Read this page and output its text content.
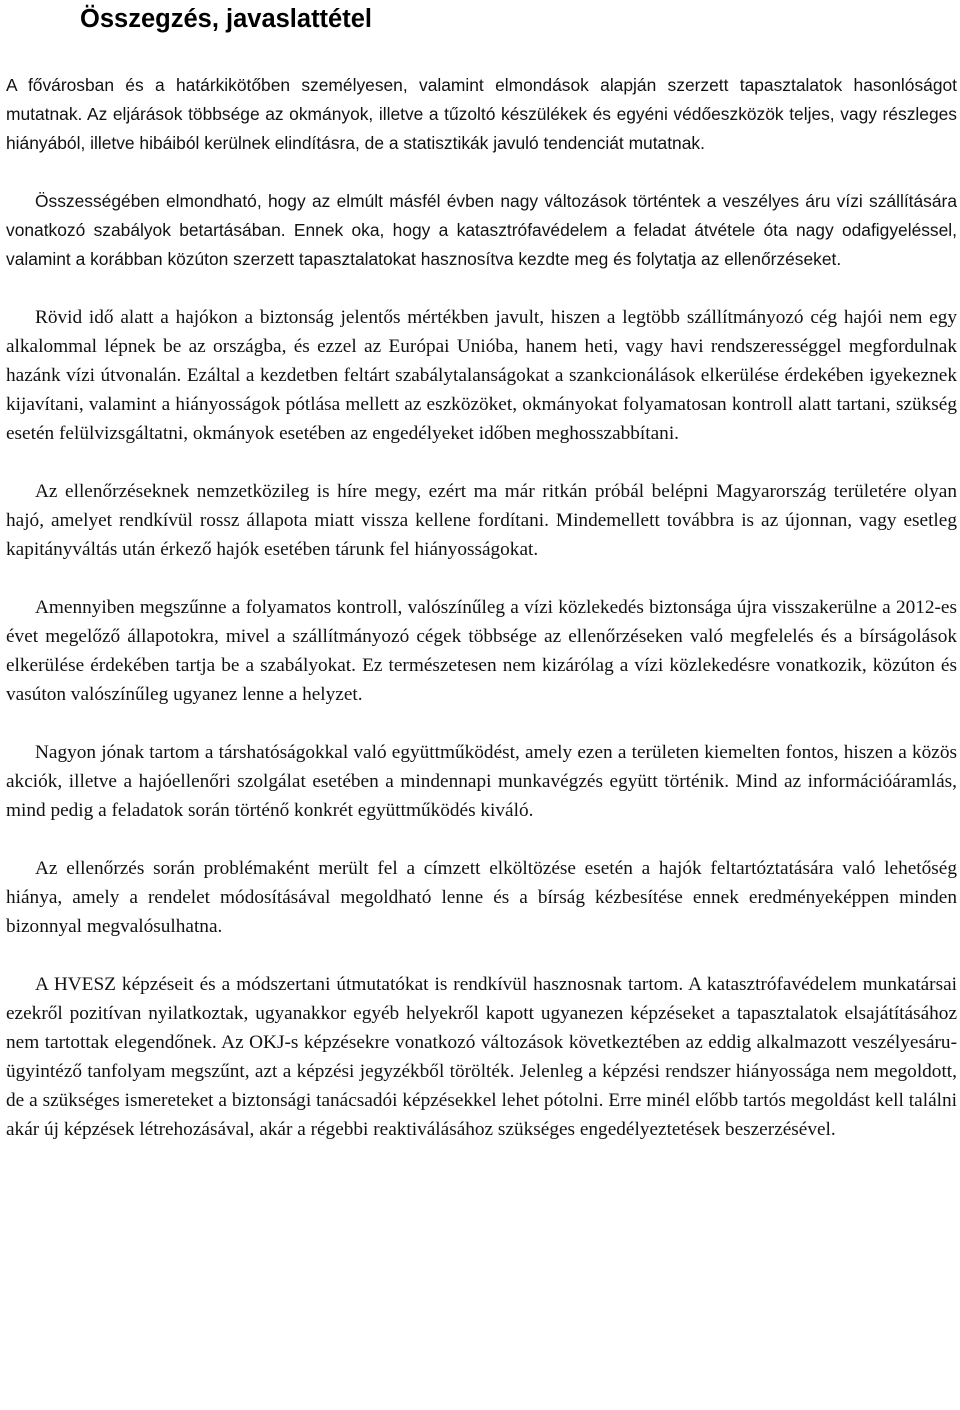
Összegzés, javaslattétel

A fővárosban és a határkikötőben személyesen, valamint elmondások alapján szerzett tapasztalatok hasonlóságot mutatnak. Az eljárások többsége az okmányok, illetve a tűzoltó készülékek és egyéni védőeszközök teljes, vagy részleges hiányából, illetve hibáiból kerülnek elindításra, de a statisztikák javuló tendenciát mutatnak.

Összességében elmondható, hogy az elmúlt másfél évben nagy változások történtek a veszélyes áru vízi szállítására vonatkozó szabályok betartásában. Ennek oka, hogy a katasztrófavédelem a feladat átvétele óta nagy odafigyeléssel, valamint a korábban közúton szerzett tapasztalatokat hasznosítva kezdte meg és folytatja az ellenőrzéseket.

Rövid idő alatt a hajókon a biztonság jelentős mértékben javult, hiszen a legtöbb szállítmányozó cég hajói nem egy alkalommal lépnek be az országba, és ezzel az Európai Unióba, hanem heti, vagy havi rendszerességgel megfordulnak hazánk vízi útvonalán. Ezáltal a kezdetben feltárt szabálytalanságokat a szankcionálások elkerülése érdekében igyekeznek kijavítani, valamint a hiányosságok pótlása mellett az eszközöket, okmányokat folyamatosan kontroll alatt tartani, szükség esetén felülvizsgáltatni, okmányok esetében az engedélyeket időben meghosszabbítani.

Az ellenőrzéseknek nemzetközileg is híre megy, ezért ma már ritkán próbál belépni Magyarország területére olyan hajó, amelyet rendkívül rossz állapota miatt vissza kellene fordítani. Mindemellett továbbra is az újonnan, vagy esetleg kapitányváltás után érkező hajók esetében tárunk fel hiányosságokat.

Amennyiben megszűnne a folyamatos kontroll, valószínűleg a vízi közlekedés biztonsága újra visszakerülne a 2012-es évet megelőző állapotokra, mivel a szállítmányozó cégek többsége az ellenőrzéseken való megfelelés és a bírságolások elkerülése érdekében tartja be a szabályokat. Ez természetesen nem kizárólag a vízi közlekedésre vonatkozik, közúton és vasúton valószínűleg ugyanez lenne a helyzet.

Nagyon jónak tartom a társhatóságokkal való együttműködést, amely ezen a területen kiemelten fontos, hiszen a közös akciók, illetve a hajóellenőri szolgálat esetében a mindennapi munkavégzés együtt történik. Mind az információáramlás, mind pedig a feladatok során történő konkrét együttműködés kiváló.

Az ellenőrzés során problémaként merült fel a címzett elköltözése esetén a hajók feltartóztatására való lehetőség hiánya, amely a rendelet módosításával megoldható lenne és a bírság kézbesítése ennek eredményeképpen minden bizonnyal megvalósulhatna.

A HVESZ képzéseit és a módszertani útmutatókat is rendkívül hasznosnak tartom. A katasztrófavédelem munkatársai ezekről pozitívan nyilatkoztak, ugyanakkor egyéb helyekről kapott ugyanezen képzéseket a tapasztalatok elsajátításához nem tartottak elegendőnek. Az OKJ-s képzésekre vonatkozó változások következtében az eddig alkalmazott veszélyesáru-ügyintéző tanfolyam megszűnt, azt a képzési jegyzékből törölték. Jelenleg a képzési rendszer hiányossága nem megoldott, de a szükséges ismereteket a biztonsági tanácsadói képzésekkel lehet pótolni. Erre minél előbb tartós megoldást kell találni akár új képzések létrehozásával, akár a régebbi reaktiválásához szükséges engedélyeztetések beszerzésével.
